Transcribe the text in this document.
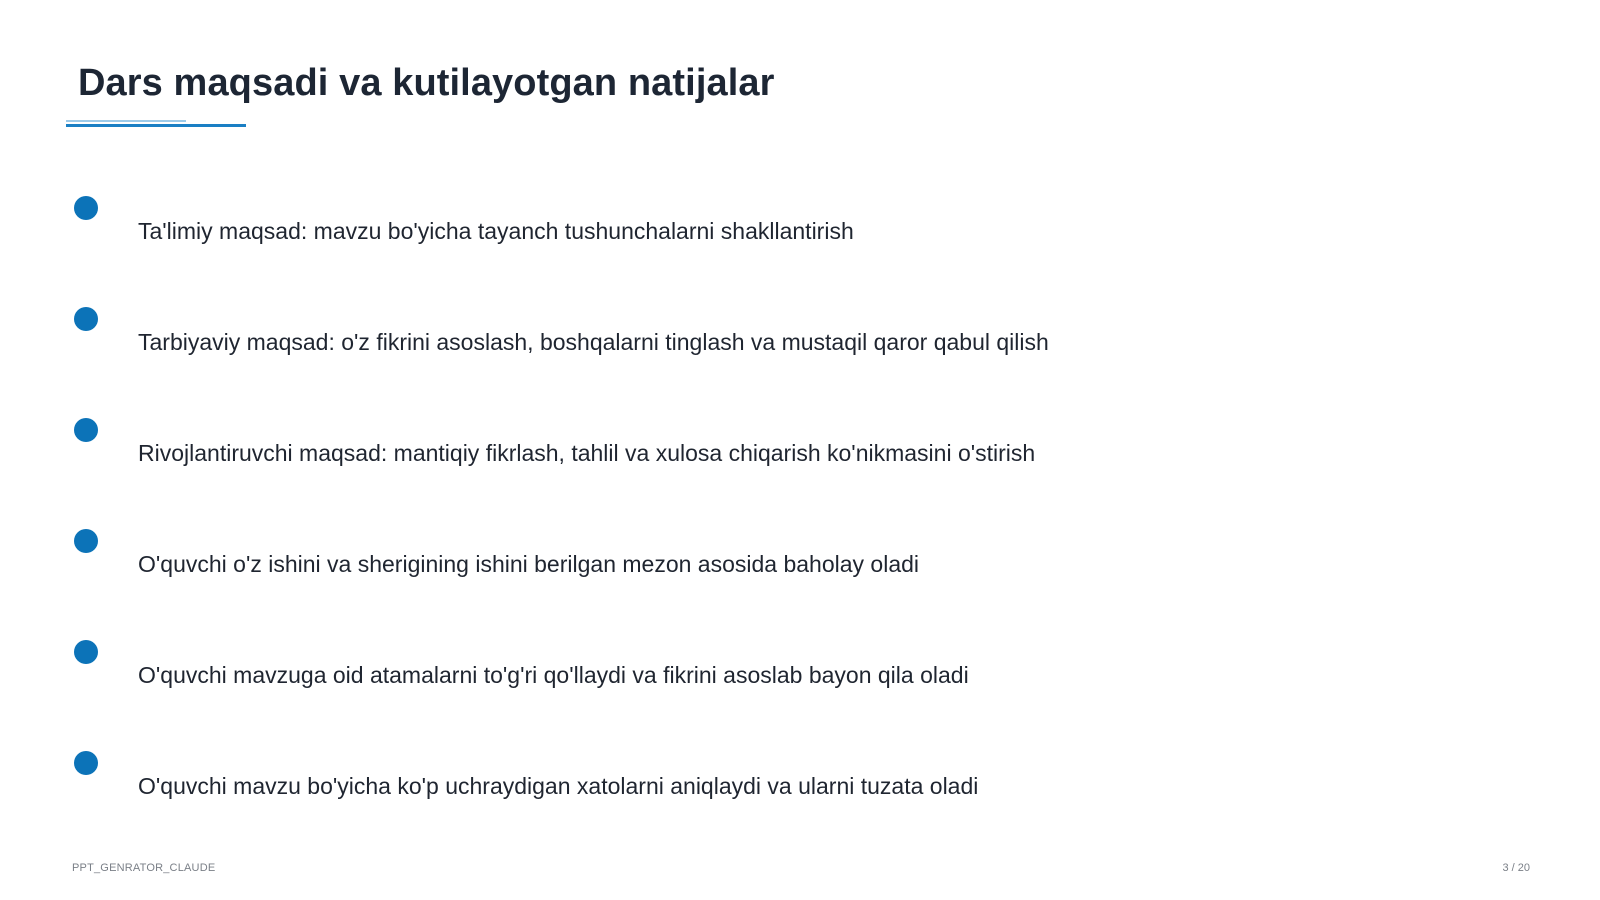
Dars maqsadi va kutilayotgan natijalar
Ta'limiy maqsad: mavzu bo'yicha tayanch tushunchalarni shakllantirish
Tarbiyaviy maqsad: o'z fikrini asoslash, boshqalarni tinglash va mustaqil qaror qabul qilish
Rivojlantiruvchi maqsad: mantiqiy fikrlash, tahlil va xulosa chiqarish ko'nikmasini o'stirish
O'quvchi o'z ishini va sherigining ishini berilgan mezon asosida baholay oladi
O'quvchi mavzuga oid atamalarni to'g'ri qo'llaydi va fikrini asoslab bayon qila oladi
O'quvchi mavzu bo'yicha ko'p uchraydigan xatolarni aniqlaydi va ularni tuzata oladi
PPT_GENRATOR_CLAUDE	3 / 20
